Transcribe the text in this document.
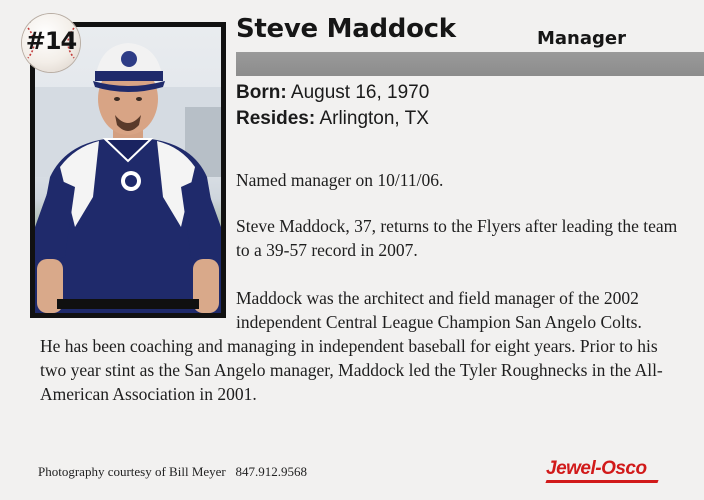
#14	Steve Maddock	Manager
Born: August 16, 1970
Resides: Arlington, TX
Named manager on 10/11/06.
Steve Maddock, 37, returns to the Flyers after leading the team to a 39-57 record in 2007.
Maddock was the architect and field manager of the 2002 independent Central League Champion San Angelo Colts.
He has been coaching and managing in independent baseball for eight years. Prior to his two year stint as the San Angelo manager, Maddock led the Tyler Roughnecks in the All-American Association in 2001.
Photography courtesy of Bill Meyer   847.912.9568	Jewel-Osco
